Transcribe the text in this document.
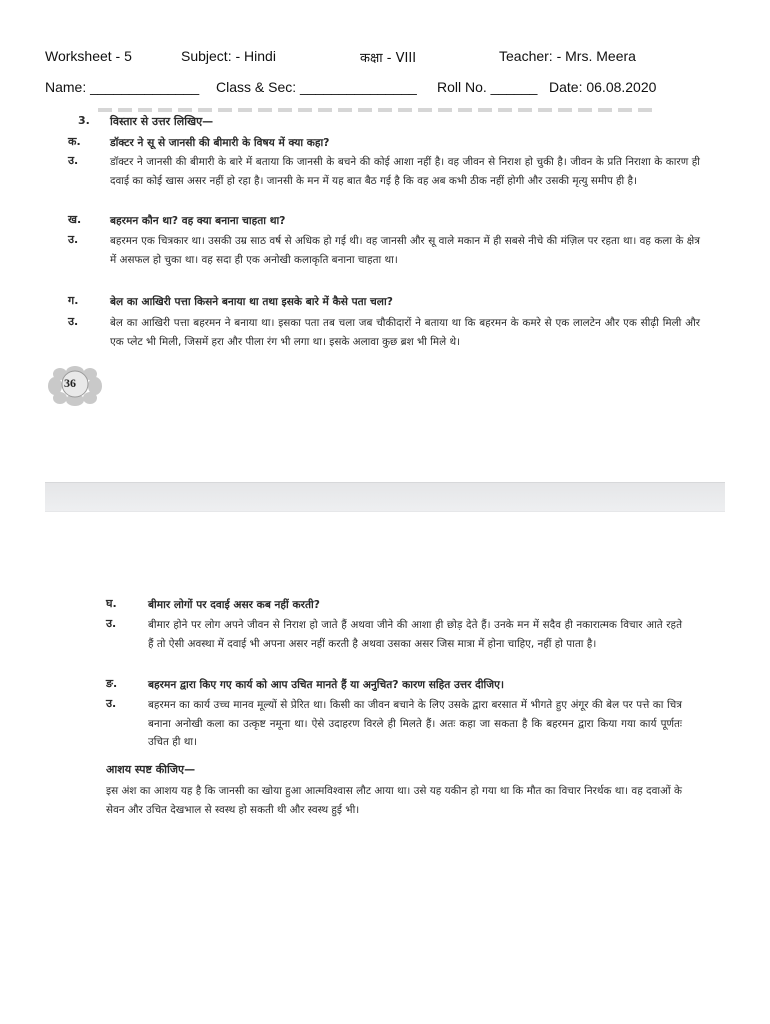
Worksheet - 5	Subject: - Hindi	कक्षा - VIII	Teacher: - Mrs. Meera
Name: ______________ Class & Sec: _______________ Roll No. ______ Date: 06.08.2020
3. विस्तार से उत्तर लिखिए—
क.	डॉक्टर ने सू से जानसी की बीमारी के विषय में क्या कहा?
उ.	डॉक्टर ने जानसी की बीमारी के बारे में बताया कि जानसी के बचने की कोई आशा नहीं है। वह जीवन से निराश हो चुकी है। जीवन के प्रति निराशा के कारण ही दवाई का कोई खास असर नहीं हो रहा है। जानसी के मन में यह बात बैठ गई है कि वह अब कभी ठीक नहीं होगी और उसकी मृत्यु समीप ही है।
ख.	बहरमन कौन था? वह क्या बनाना चाहता था?
उ.	बहरमन एक चित्रकार था। उसकी उम्र साठ वर्ष से अधिक हो गई थी। वह जानसी और सू वाले मकान में ही सबसे नीचे की मंज़िल पर रहता था। वह कला के क्षेत्र में असफल हो चुका था। वह सदा ही एक अनोखी कलाकृति बनाना चाहता था।
ग.	बेल का आखिरी पत्ता किसने बनाया था तथा इसके बारे में कैसे पता चला?
उ.	बेल का आखिरी पत्ता बहरमन ने बनाया था। इसका पता तब चला जब चौकीदारों ने बताया था कि बहरमन के कमरे से एक लालटेन और एक सीढ़ी मिली और एक प्लेट भी मिली, जिसमें हरा और पीला रंग भी लगा था। इसके अलावा कुछ ब्रश भी मिले थे।
36
घ.	बीमार लोगों पर दवाई असर कब नहीं करती?
उ.	बीमार होने पर लोग अपने जीवन से निराश हो जाते हैं अथवा जीने की आशा ही छोड़ देते हैं। उनके मन में सदैव ही नकारात्मक विचार आते रहते हैं तो ऐसी अवस्था में दवाई भी अपना असर नहीं करती है अथवा उसका असर जिस मात्रा में होना चाहिए, नहीं हो पाता है।
ङ.	बहरमन द्वारा किए गए कार्य को आप उचित मानते हैं या अनुचित? कारण सहित उत्तर दीजिए।
उ.	बहरमन का कार्य उच्च मानव मूल्यों से प्रेरित था। किसी का जीवन बचाने के लिए उसके द्वारा बरसात में भीगते हुए अंगूर की बेल पर पत्ते का चित्र बनाना अनोखी कला का उत्कृष्ट नमूना था। ऐसे उदाहरण विरले ही मिलते हैं। अतः कहा जा सकता है कि बहरमन द्वारा किया गया कार्य पूर्णतः उचित ही था।
आशय स्पष्ट कीजिए—
इस अंश का आशय यह है कि जानसी का खोया हुआ आत्मविश्वास लौट आया था। उसे यह यकीन हो गया था कि मौत का विचार निरर्थक था। वह दवाओं के सेवन और उचित देखभाल से स्वस्थ हो सकती थी और स्वस्थ हुई भी।
